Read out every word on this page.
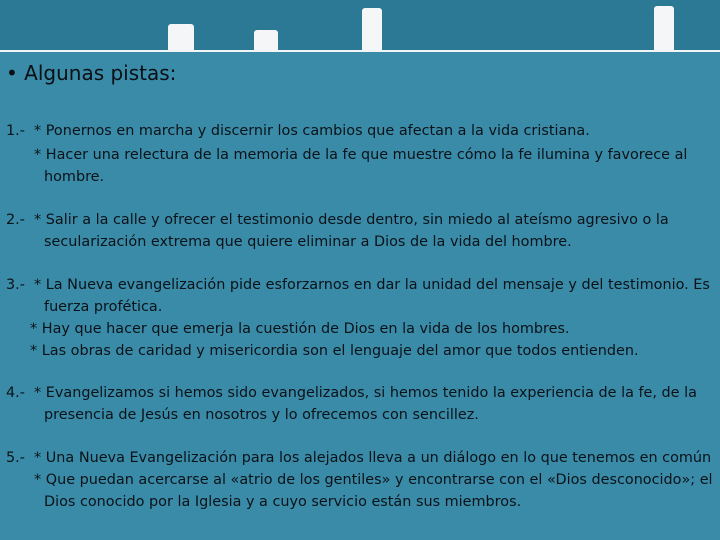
• Algunas pistas:
1.- * Ponernos en marcha y discernir los cambios que afectan a la vida cristiana.
* Hacer una relectura de la memoria de la fe que muestre cómo la fe ilumina y favorece al
hombre.
2.- * Salir a la calle y ofrecer el testimonio desde dentro, sin miedo al ateísmo agresivo o la
secularización extrema que quiere eliminar a Dios de la vida del hombre.
3.- * La Nueva evangelización pide esforzarnos en dar la unidad del mensaje y del testimonio. Es
fuerza profética.
* Hay que hacer que emerja la cuestión de Dios en la vida de los hombres.
* Las obras de caridad y misericordia son el lenguaje del amor que todos entienden.
4.- * Evangelizamos si hemos sido evangelizados, si hemos tenido la experiencia de la fe, de la
presencia de Jesús en nosotros y lo ofrecemos con sencillez.
5.- * Una Nueva Evangelización para los alejados lleva a un diálogo en lo que tenemos en común
* Que puedan acercarse al «atrio de los gentiles» y encontrarse con el «Dios desconocido»; el
Dios conocido por la Iglesia y a cuyo servicio están sus miembros.
